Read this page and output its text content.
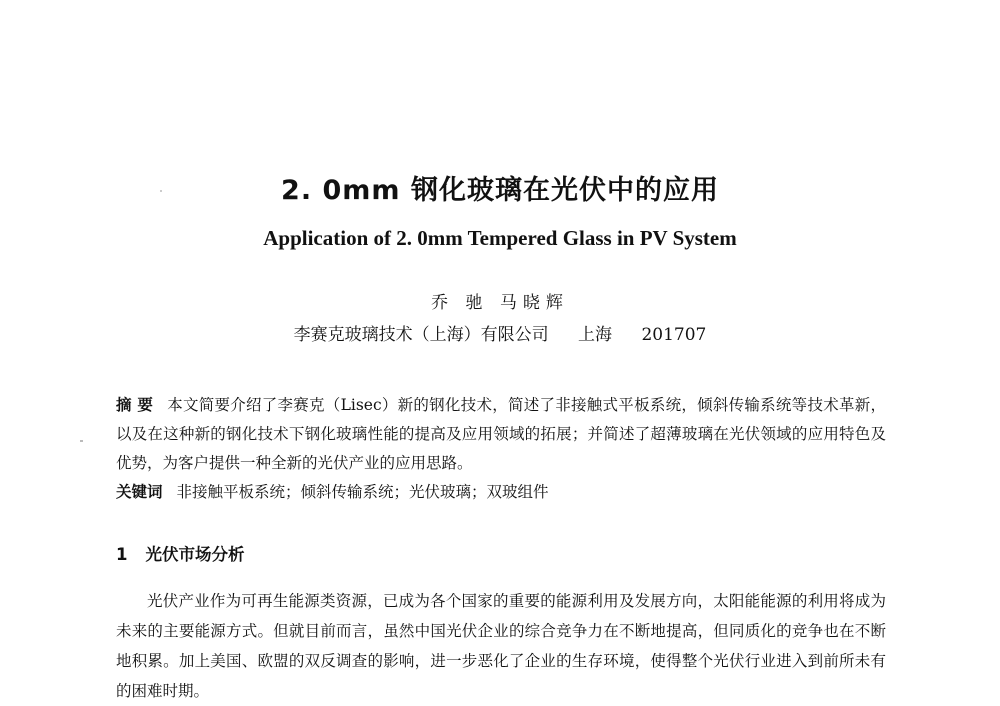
2. 0mm 钢化玻璃在光伏中的应用
Application of 2. 0mm Tempered Glass in PV System
乔 驰 马晓辉
李赛克玻璃技术（上海）有限公司 上海 201707
摘 要 本文简要介绍了李赛克（Lisec）新的钢化技术，简述了非接触式平板系统，倾斜传输系统等技术革新，以及在这种新的钢化技术下钢化玻璃性能的提高及应用领域的拓展；并简述了超薄玻璃在光伏领域的应用特色及优势，为客户提供一种全新的光伏产业的应用思路。
关键词 非接触平板系统；倾斜传输系统；光伏玻璃；双玻组件
1 光伏市场分析
光伏产业作为可再生能源类资源，已成为各个国家的重要的能源利用及发展方向，太阳能能源的利用将成为未来的主要能源方式。但就目前而言，虽然中国光伏企业的综合竞争力在不断地提高，但同质化的竞争也在不断地积累。加上美国、欧盟的双反调查的影响，进一步恶化了企业的生存环境，使得整个光伏行业进入到前所未有的困难时期。
